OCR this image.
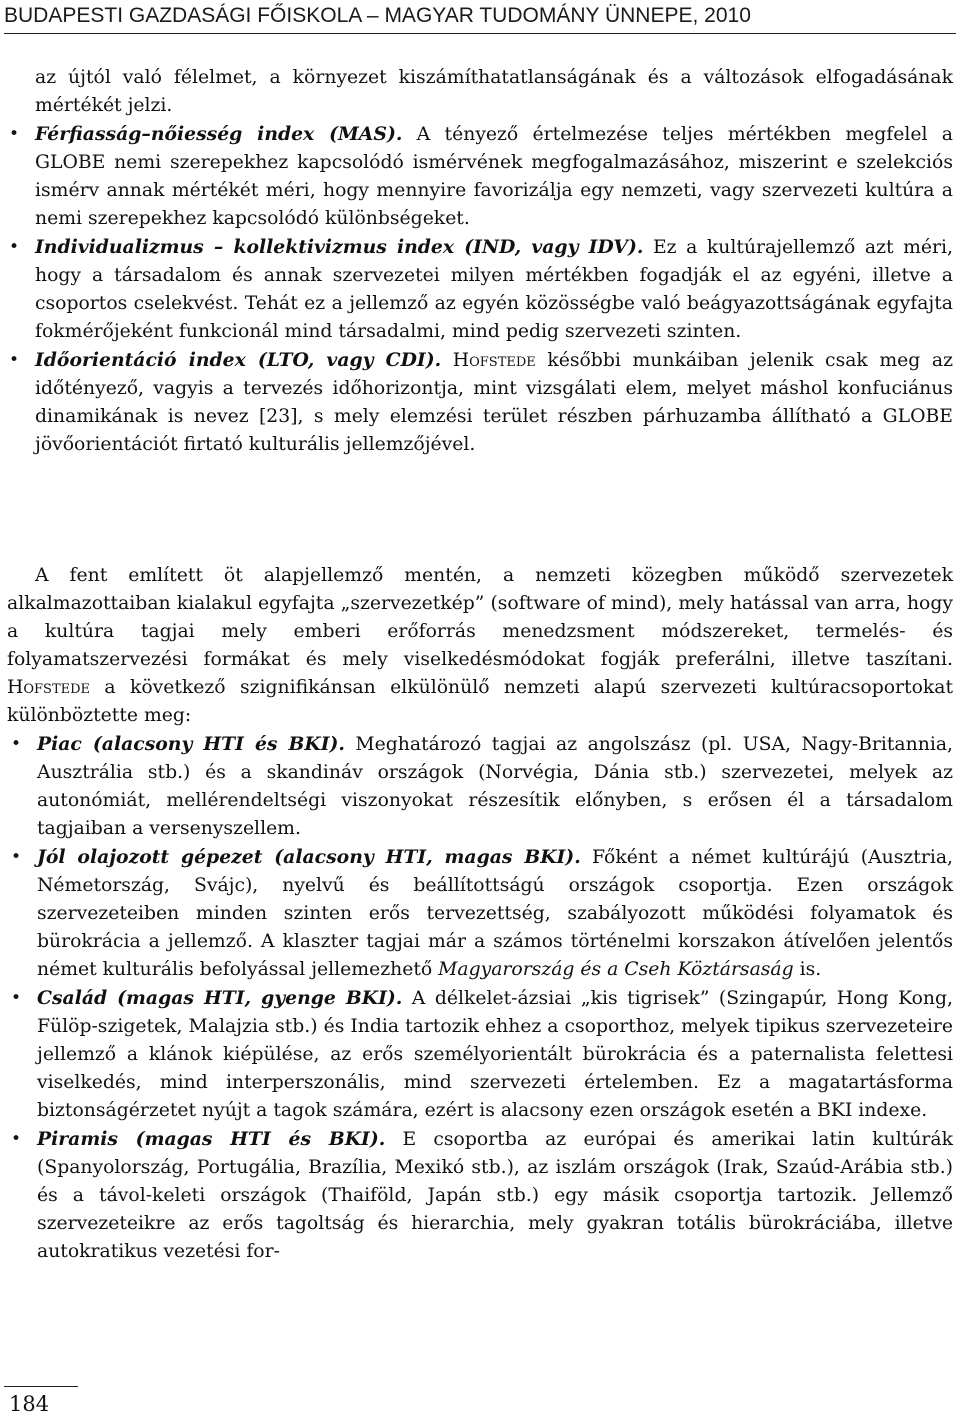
BUDAPESTI GAZDASÁGI FŐISKOLA – MAGYAR TUDOMÁNY ÜNNEPE, 2010

az újtól való félelmet, a környezet kiszámíthatatlanságának és a változások elfogadásának mértékét jelzi.

• Férfiasság–nőiesség index (MAS). A tényező értelmezése teljes mértékben megfelel a GLOBE nemi szerepekhez kapcsolódó ismérvének megfogalmazásához, miszerint e szelekciós ismérv annak mértékét méri, hogy mennyire favorizálja egy nemzeti, vagy szervezeti kultúra a nemi szerepekhez kapcsolódó különbségeket.
• Individualizmus – kollektivizmus index (IND, vagy IDV). Ez a kultúrajellemző azt méri, hogy a társadalom és annak szervezetei milyen mértékben fogadják el az egyéni, illetve a csoportos cselekvést. Tehát ez a jellemző az egyén közösségbe való beágyazottságának egyfajta fokmérőjeként funkcionál mind társadalmi, mind pedig szervezeti szinten.
• Időorientáció index (LTO, vagy CDI). Hofstede későbbi munkáiban jelenik csak meg az időtényező, vagyis a tervezés időhorizontja, mint vizsgálati elem, melyet máshol konfuciánus dinamikának is nevez [23], s mely elemzési terület részben párhuzamba állítható a GLOBE jövőorientációt firtató kulturális jellemzőjével.

A fent említett öt alapjellemző mentén, a nemzeti közegben működő szervezetek alkalmazottaiban kialakul egyfajta „szervezetkép” (software of mind), mely hatással van arra, hogy a kultúra tagjai mely emberi erőforrás menedzsment módszereket, termelés- és folyamatszervezési formákat és mely viselkedésmódokat fogják preferálni, illetve taszítani. Hofstede a következő szignifikánsan elkülönülő nemzeti alapú szervezeti kultúracsoportokat különböztette meg:

• Piac (alacsony HTI és BKI). Meghatározó tagjai az angolszász (pl. USA, Nagy-Britannia, Ausztrália stb.) és a skandináv országok (Norvégia, Dánia stb.) szervezetei, melyek az autonómiát, mellérendeltségi viszonyokat részesítik előnyben, s erősen él a társadalom tagjaiban a versenyszellem.
• Jól olajozott gépezet (alacsony HTI, magas BKI). Főként a német kultúrájú (Ausztria, Németország, Svájc), nyelvű és beállítottságú országok csoportja. Ezen országok szervezeteiben minden szinten erős tervezettség, szabályozott működési folyamatok és bürokrácia a jellemző. A klaszter tagjai már a számos történelmi korszakon átívelően jelentős német kulturális befolyással jellemezhető Magyarország és a Cseh Köztársaság is.
• Család (magas HTI, gyenge BKI). A délkelet-ázsiai „kis tigrisek” (Szingapúr, Hong Kong, Fülöp-szigetek, Malajzia stb.) és India tartozik ehhez a csoporthoz, melyek tipikus szervezeteire jellemző a klánok kiépülése, az erős személyorientált bürokrácia és a paternalista felettesi viselkedés, mind interperszonális, mind szervezeti értelemben. Ez a magatartásforma biztonságérzetet nyújt a tagok számára, ezért is alacsony ezen országok esetén a BKI indexe.
• Piramis (magas HTI és BKI). E csoportba az európai és amerikai latin kultúrák (Spanyolország, Portugália, Brazília, Mexikó stb.), az iszlám országok (Irak, Szaúd-Arábia stb.) és a távol-keleti országok (Thaiföld, Japán stb.) egy másik csoportja tartozik. Jellemző szervezeteikre az erős tagoltság és hierarchia, mely gyakran totális bürokráciába, illetve autokratikus vezetési for-
184
